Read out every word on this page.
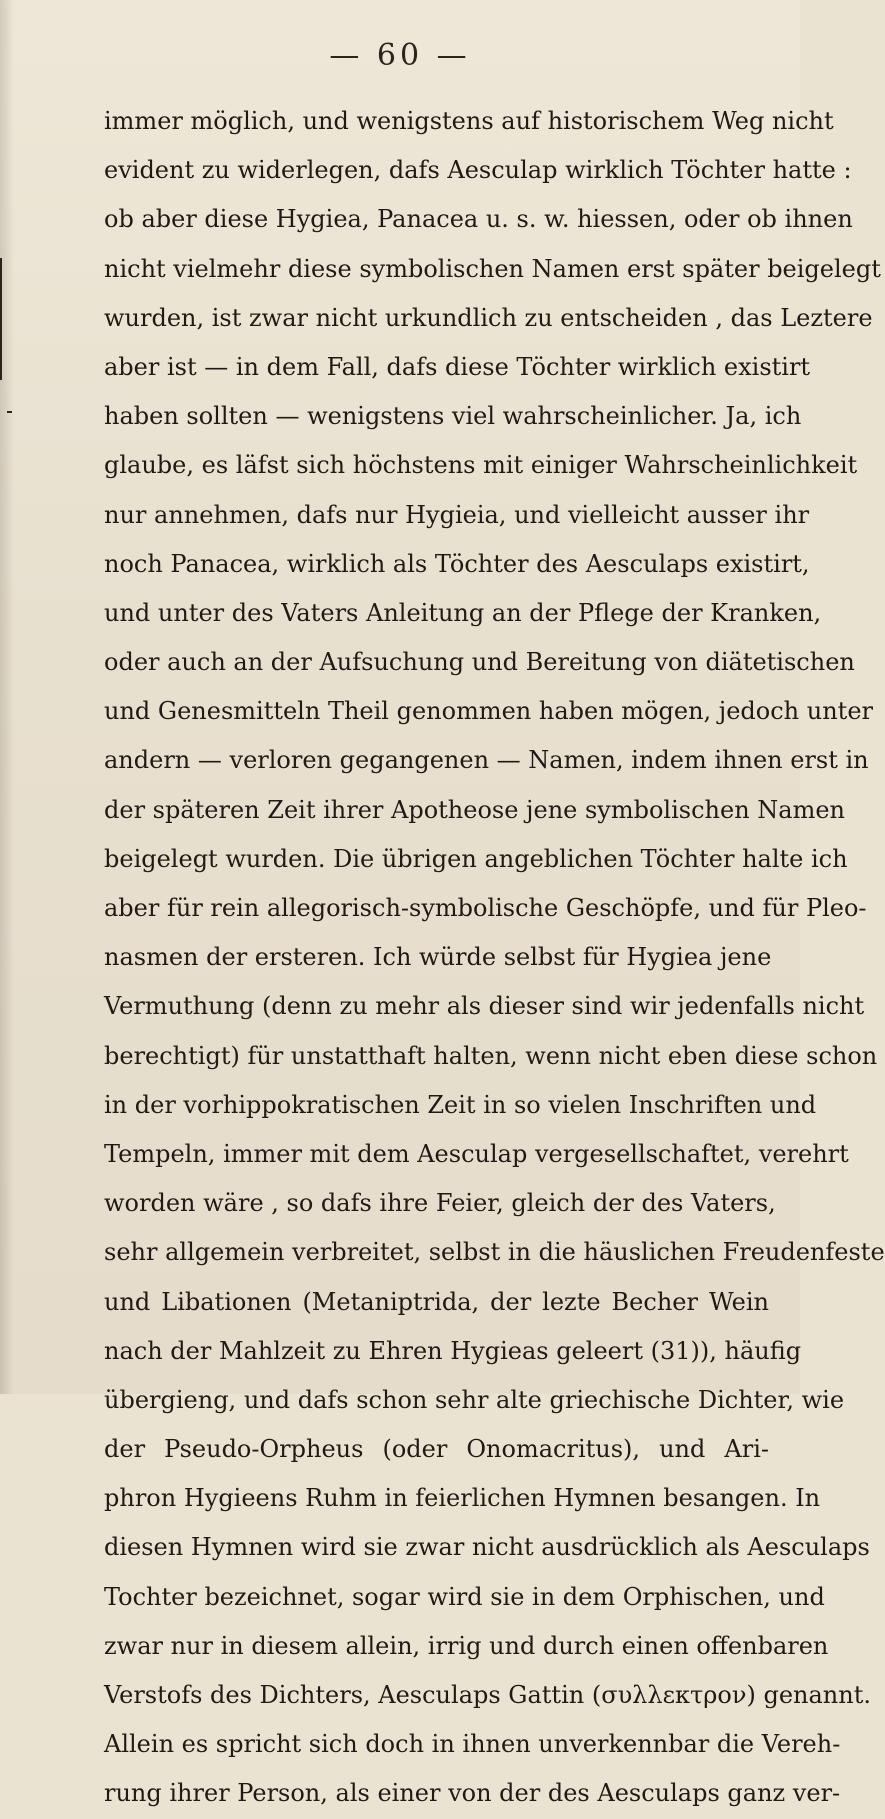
— 60 —
immer möglich, und wenigstens auf historischem Weg nicht
evident zu widerlegen, dafs Aesculap wirklich Töchter hatte :
ob aber diese Hygiea, Panacea u. s. w. hiessen, oder ob ihnen
nicht vielmehr diese symbolischen Namen erst später beigelegt
wurden, ist zwar nicht urkundlich zu entscheiden , das Leztere
aber ist — in dem Fall, dafs diese Töchter wirklich existirt
haben sollten — wenigstens viel wahrscheinlicher. Ja, ich
glaube, es läfst sich höchstens mit einiger Wahrscheinlichkeit
nur annehmen, dafs nur Hygieia, und vielleicht ausser ihr
noch Panacea, wirklich als Töchter des Aesculaps existirt,
und unter des Vaters Anleitung an der Pflege der Kranken,
oder auch an der Aufsuchung und Bereitung von diätetischen
und Genesmitteln Theil genommen haben mögen, jedoch unter
andern — verloren gegangenen — Namen, indem ihnen erst in
der späteren Zeit ihrer Apotheose jene symbolischen Namen
beigelegt wurden. Die übrigen angeblichen Töchter halte ich
aber für rein allegorisch-symbolische Geschöpfe, und für Pleo-
nasmen der ersteren. Ich würde selbst für Hygiea jene
Vermuthung (denn zu mehr als dieser sind wir jedenfalls nicht
berechtigt) für unstatthaft halten, wenn nicht eben diese schon
in der vorhippokratischen Zeit in so vielen Inschriften und
Tempeln, immer mit dem Aesculap vergesellschaftet, verehrt
worden wäre , so dafs ihre Feier, gleich der des Vaters,
sehr allgemein verbreitet, selbst in die häuslichen Freudenfeste
und Libationen (Metaniptrida, der lezte Becher Wein
nach der Mahlzeit zu Ehren Hygieas geleert (31)), häufig
übergieng, und dafs schon sehr alte griechische Dichter, wie
der Pseudo-Orpheus (oder Onomacritus), und Ari-
phron Hygieens Ruhm in feierlichen Hymnen besangen. In
diesen Hymnen wird sie zwar nicht ausdrücklich als Aesculaps
Tochter bezeichnet, sogar wird sie in dem Orphischen, und
zwar nur in diesem allein, irrig und durch einen offenbaren
Verstofs des Dichters, Aesculaps Gattin (συλλεκτρον) genannt.
Allein es spricht sich doch in ihnen unverkennbar die Vereh-
rung ihrer Person, als einer von der des Aesculaps ganz ver-
